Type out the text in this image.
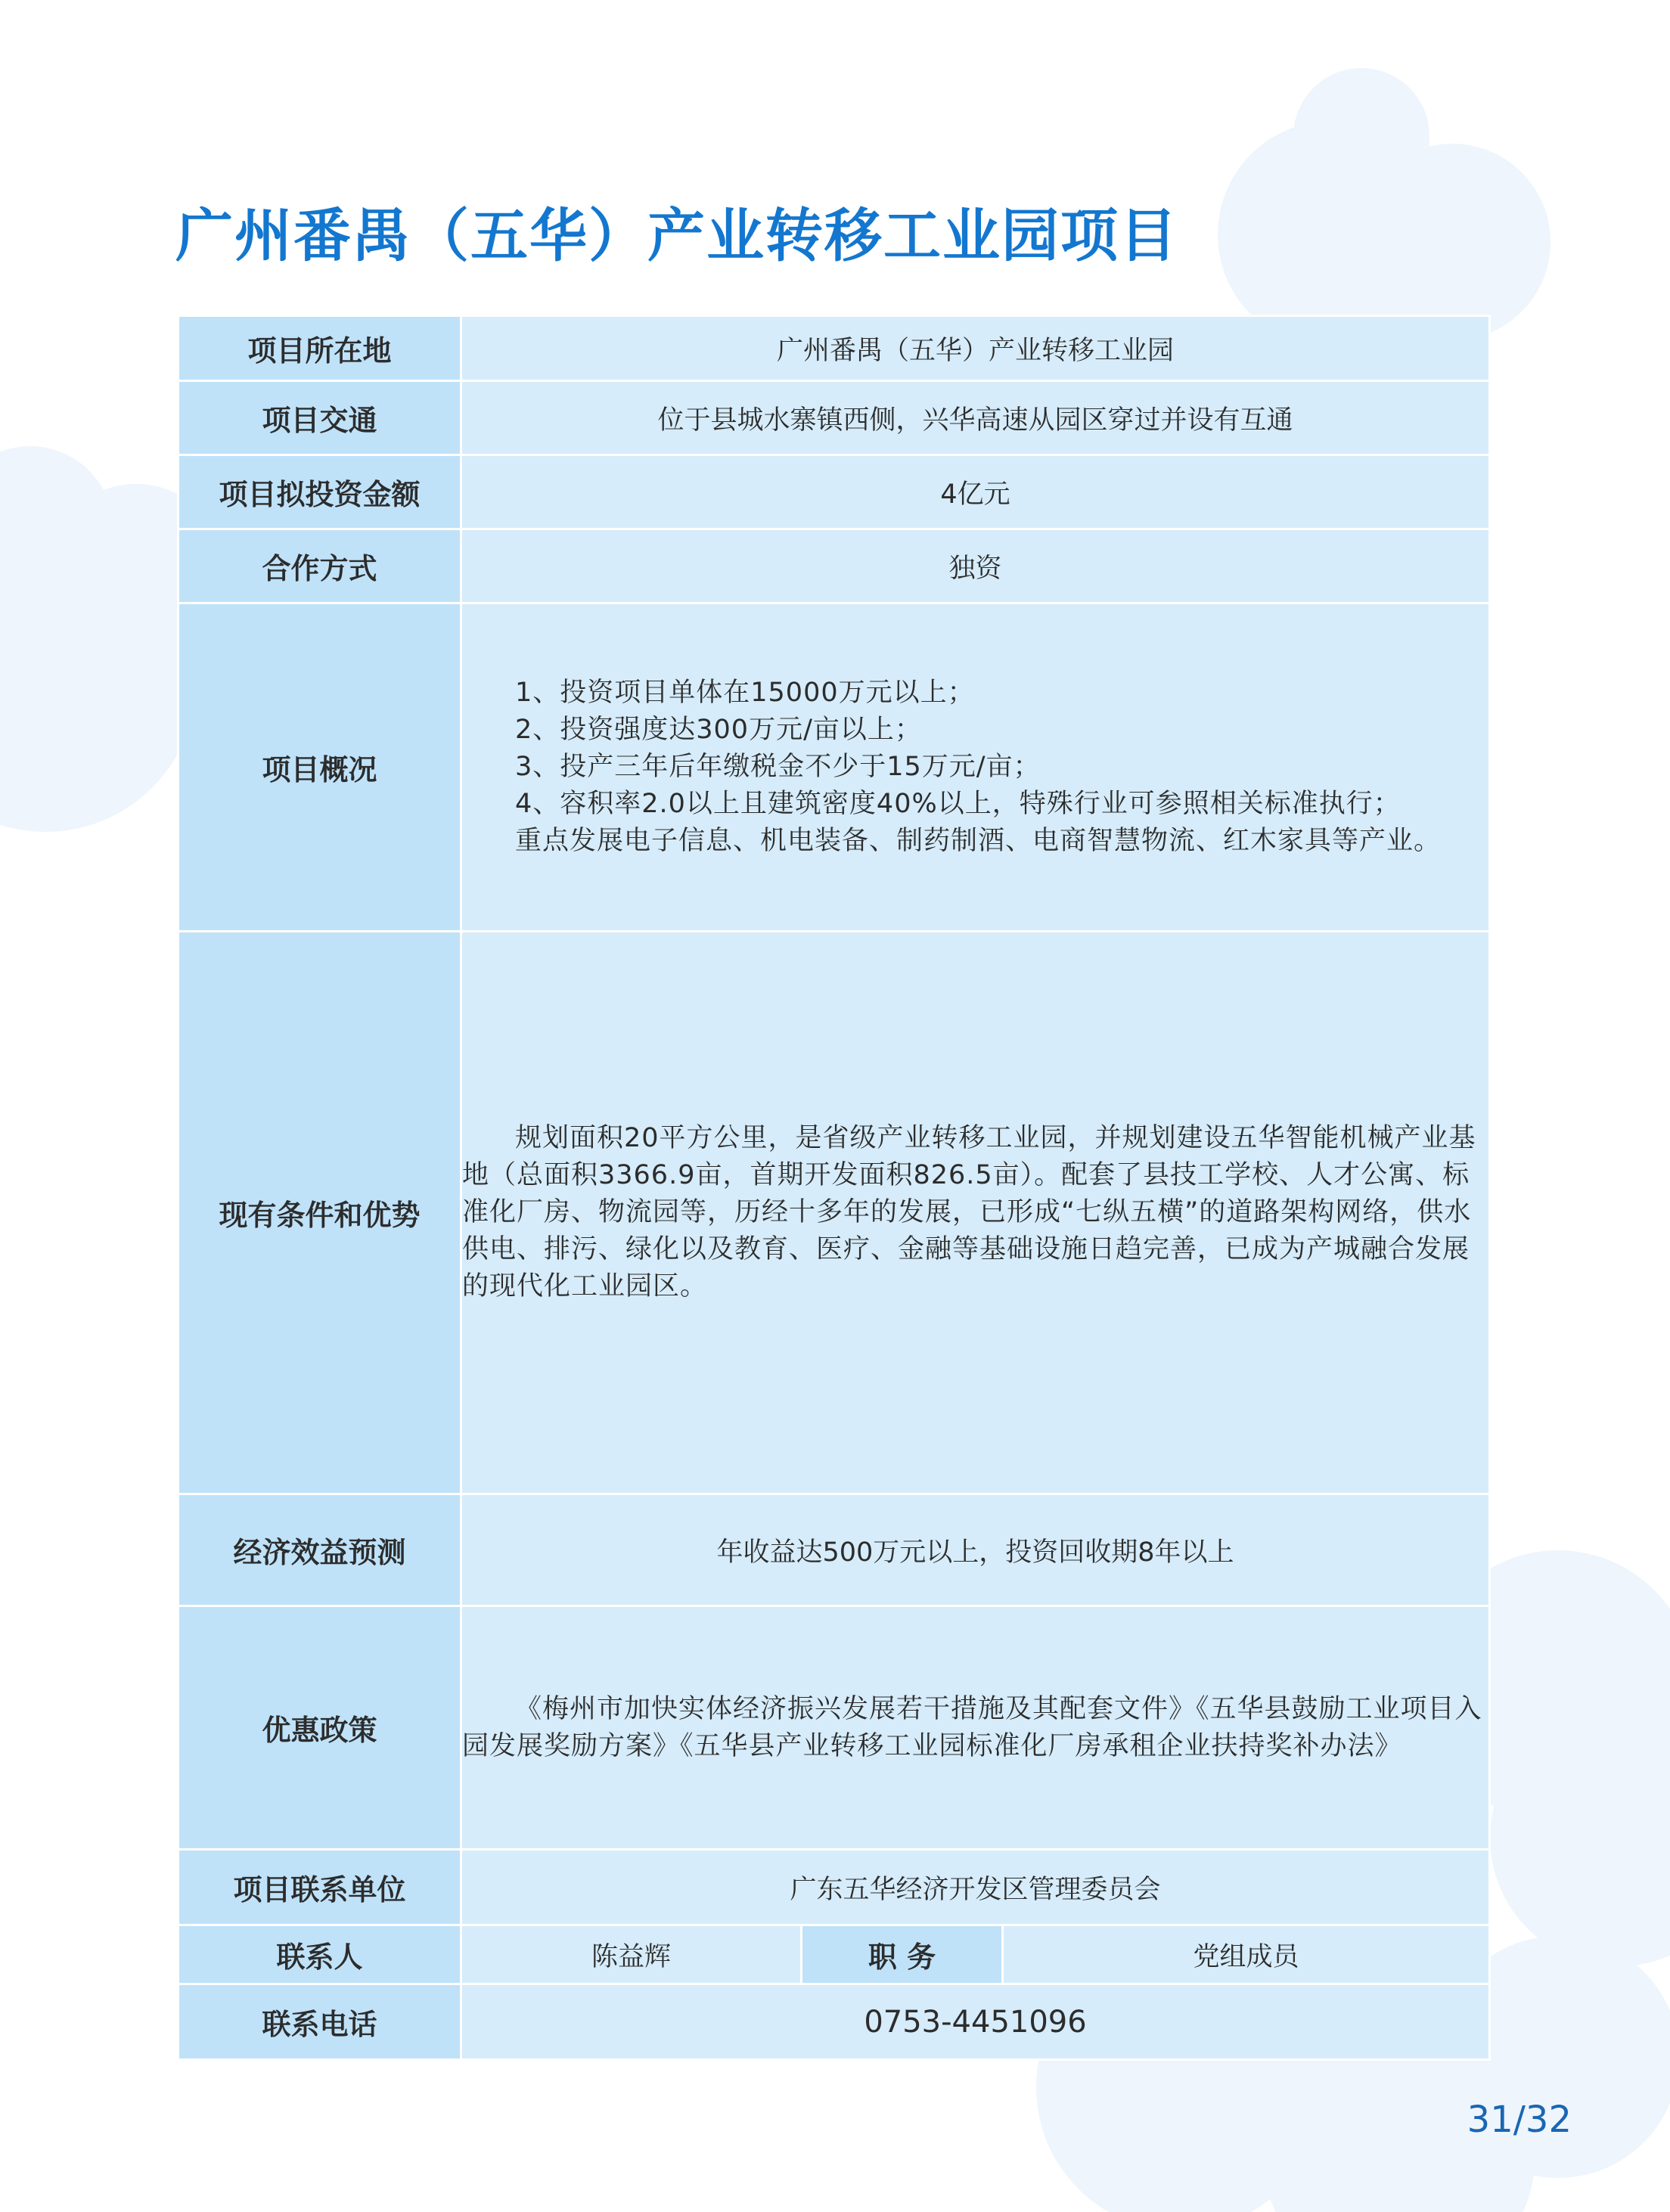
广州番禺（五华）产业转移工业园项目
项目所在地	广州番禺（五华）产业转移工业园		
项目交通	位于县城水寨镇西侧，兴华高速从园区穿过并设有互通		
项目拟投资金额	4亿元		
合作方式	独资		
项目概况	1、投资项目单体在15000万元以上；

2、投资强度达300万元/亩以上；

3、投产三年后年缴税金不少于15万元/亩；

4、容积率2.0以上且建筑密度40%以上，特殊行业可参照相关标准执行；

重点发展电子信息、机电装备、制药制酒、电商智慧物流、红木家具等产业。		

现有条件和优势	规划面积20平方公里，是省级产业转移工业园，并规划建设五华智能机械产业基地（总面积3366.9亩，首期开发面积826.5亩）。配套了县技工学校、人才公寓、标准化厂房、物流园等，历经十多年的发展，已形成“七纵五横”的道路架构网络，供水供电、排污、绿化以及教育、医疗、金融等基础设施日趋完善，已成为产城融合发展的现代化工业园区。		

经济效益预测	年收益达500万元以上，投资回收期8年以上		
优惠政策	《梅州市加快实体经济振兴发展若干措施及其配套文件》《五华县鼓励工业项目入园发展奖励方案》《五华县产业转移工业园标准化厂房承租企业扶持奖补办法》		

项目联系单位	广东五华经济开发区管理委员会		
联系人	陈益辉	职 务	党组成员
联系电话	0753-4451096		
31/32
